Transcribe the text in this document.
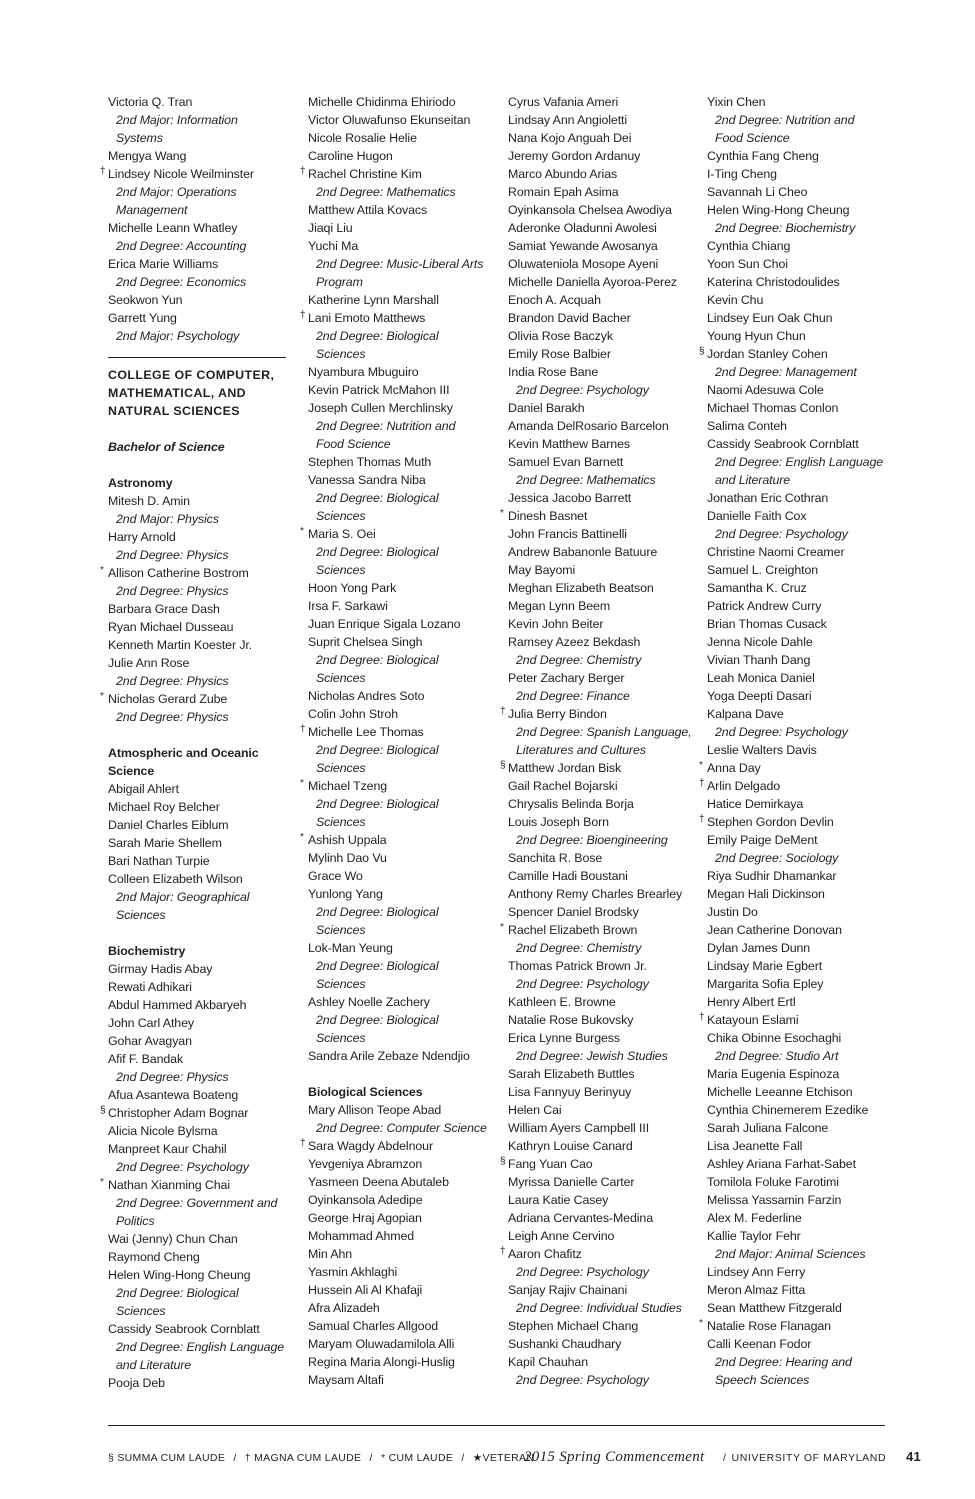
Victoria Q. Tran
2nd Major: Information
Systems
Mengya Wang
† Lindsey Nicole Weilminster
2nd Major: Operations
Management
Michelle Leann Whatley
2nd Degree: Accounting
Erica Marie Williams
2nd Degree: Economics
Seokwon Yun
Garrett Yung
2nd Major: Psychology
COLLEGE OF COMPUTER,
MATHEMATICAL, AND
NATURAL SCIENCES
Bachelor of Science
Astronomy
Mitesh D. Amin
2nd Major: Physics
Harry Arnold
2nd Degree: Physics
* Allison Catherine Bostrom
2nd Degree: Physics
Barbara Grace Dash
Ryan Michael Dusseau
Kenneth Martin Koester Jr.
Julie Ann Rose
2nd Degree: Physics
* Nicholas Gerard Zube
2nd Degree: Physics
Atmospheric and Oceanic
Science
Abigail Ahlert
Michael Roy Belcher
Daniel Charles Eiblum
Sarah Marie Shellem
Bari Nathan Turpie
Colleen Elizabeth Wilson
2nd Major: Geographical
Sciences
Biochemistry
Girmay Hadis Abay
Rewati Adhikari
Abdul Hammed Akbaryeh
John Carl Athey
Gohar Avagyan
Afif F. Bandak
2nd Degree: Physics
Afua Asantewa Boateng
§ Christopher Adam Bognar
Alicia Nicole Bylsma
Manpreet Kaur Chahil
2nd Degree: Psychology
* Nathan Xianming Chai
2nd Degree: Government and
Politics
Wai (Jenny) Chun Chan
Raymond Cheng
Helen Wing-Hong Cheung
2nd Degree: Biological
Sciences
Cassidy Seabrook Cornblatt
2nd Degree: English Language
and Literature
Pooja Deb
Michelle Chidinma Ehiriodo
Victor Oluwafunso Ekunseitan
Nicole Rosalie Helie
Caroline Hugon
† Rachel Christine Kim
2nd Degree: Mathematics
Matthew Attila Kovacs
Jiaqi Liu
Yuchi Ma
2nd Degree: Music-Liberal Arts
Program
Katherine Lynn Marshall
† Lani Emoto Matthews
2nd Degree: Biological
Sciences
Nyambura Mbuguiro
Kevin Patrick McMahon III
Joseph Cullen Merchlinsky
2nd Degree: Nutrition and
Food Science
Stephen Thomas Muth
Vanessa Sandra Niba
2nd Degree: Biological
Sciences
* Maria S. Oei
2nd Degree: Biological
Sciences
Hoon Yong Park
Irsa F. Sarkawi
Juan Enrique Sigala Lozano
Suprit Chelsea Singh
2nd Degree: Biological
Sciences
Nicholas Andres Soto
Colin John Stroh
† Michelle Lee Thomas
2nd Degree: Biological
Sciences
* Michael Tzeng
2nd Degree: Biological
Sciences
* Ashish Uppala
Mylinh Dao Vu
Grace Wo
Yunlong Yang
2nd Degree: Biological
Sciences
Lok-Man Yeung
2nd Degree: Biological
Sciences
Ashley Noelle Zachery
2nd Degree: Biological
Sciences
Sandra Arile Zebaze Ndendjio
Biological Sciences
Mary Allison Teope Abad
2nd Degree: Computer Science
† Sara Wagdy Abdelnour
Yevgeniya Abramzon
Yasmeen Deena Abutaleb
Oyinkansola Adedipe
George Hraj Agopian
Mohammad Ahmed
Min Ahn
Yasmin Akhlaghi
Hussein Ali Al Khafaji
Afra Alizadeh
Samual Charles Allgood
Maryam Oluwadamilola Alli
Regina Maria Alongi-Huslig
Maysam Altafi
Cyrus Vafania Ameri
Lindsay Ann Angioletti
Nana Kojo Anguah Dei
Jeremy Gordon Ardanuy
Marco Abundo Arias
Romain Epah Asima
Oyinkansola Chelsea Awodiya
Aderonke Oladunni Awolesi
Samiat Yewande Awosanya
Oluwateniola Mosope Ayeni
Michelle Daniella Ayoroa-Perez
Enoch A. Acquah
Brandon David Bacher
Olivia Rose Baczyk
Emily Rose Balbier
India Rose Bane
2nd Degree: Psychology
Daniel Barakh
Amanda DelRosario Barcelon
Kevin Matthew Barnes
Samuel Evan Barnett
2nd Degree: Mathematics
Jessica Jacobo Barrett
* Dinesh Basnet
John Francis Battinelli
Andrew Babanonle Batuure
May Bayomi
Meghan Elizabeth Beatson
Megan Lynn Beem
Kevin John Beiter
Ramsey Azeez Bekdash
2nd Degree: Chemistry
Peter Zachary Berger
2nd Degree: Finance
† Julia Berry Bindon
2nd Degree: Spanish Language,
Literatures and Cultures
§ Matthew Jordan Bisk
Gail Rachel Bojarski
Chrysalis Belinda Borja
Louis Joseph Born
2nd Degree: Bioengineering
Sanchita R. Bose
Camille Hadi Boustani
Anthony Remy Charles Brearley
Spencer Daniel Brodsky
* Rachel Elizabeth Brown
2nd Degree: Chemistry
Thomas Patrick Brown Jr.
2nd Degree: Psychology
Kathleen E. Browne
Natalie Rose Bukovsky
Erica Lynne Burgess
2nd Degree: Jewish Studies
Sarah Elizabeth Buttles
Lisa Fannyuy Berinyuy
Helen Cai
William Ayers Campbell III
Kathryn Louise Canard
§ Fang Yuan Cao
Myrissa Danielle Carter
Laura Katie Casey
Adriana Cervantes-Medina
Leigh Anne Cervino
† Aaron Chafitz
2nd Degree: Psychology
Sanjay Rajiv Chainani
2nd Degree: Individual Studies
Stephen Michael Chang
Sushanki Chaudhary
Kapil Chauhan
2nd Degree: Psychology
Yixin Chen
2nd Degree: Nutrition and
Food Science
Cynthia Fang Cheng
I-Ting Cheng
Savannah Li Cheo
Helen Wing-Hong Cheung
2nd Degree: Biochemistry
Cynthia Chiang
Yoon Sun Choi
Katerina Christodoulides
Kevin Chu
Lindsey Eun Oak Chun
Young Hyun Chun
§ Jordan Stanley Cohen
2nd Degree: Management
Naomi Adesuwa Cole
Michael Thomas Conlon
Salima Conteh
Cassidy Seabrook Cornblatt
2nd Degree: English Language
and Literature
Jonathan Eric Cothran
Danielle Faith Cox
2nd Degree: Psychology
Christine Naomi Creamer
Samuel L. Creighton
Samantha K. Cruz
Patrick Andrew Curry
Brian Thomas Cusack
Jenna Nicole Dahle
Vivian Thanh Dang
Leah Monica Daniel
Yoga Deepti Dasari
Kalpana Dave
2nd Degree: Psychology
Leslie Walters Davis
* Anna Day
† Arlin Delgado
Hatice Demirkaya
† Stephen Gordon Devlin
Emily Paige DeMent
2nd Degree: Sociology
Riya Sudhir Dhamankar
Megan Hali Dickinson
Justin Do
Jean Catherine Donovan
Dylan James Dunn
Lindsay Marie Egbert
Margarita Sofia Epley
Henry Albert Ertl
† Katayoun Eslami
Chika Obinne Esochaghi
2nd Degree: Studio Art
Maria Eugenia Espinoza
Michelle Leeanne Etchison
Cynthia Chinemerem Ezedike
Sarah Juliana Falcone
Lisa Jeanette Fall
Ashley Ariana Farhat-Sabet
Tomilola Foluke Farotimi
Melissa Yassamin Farzin
Alex M. Federline
Kallie Taylor Fehr
2nd Major: Animal Sciences
Lindsey Ann Ferry
Meron Almaz Fitta
Sean Matthew Fitzgerald
* Natalie Rose Flanagan
Calli Keenan Fodor
2nd Degree: Hearing and
Speech Sciences
§ SUMMA CUM LAUDE / † MAGNA CUM LAUDE / * CUM LAUDE / ★VETERAN
2015 Spring Commencement	/ UNIVERSITY OF MARYLAND 41
